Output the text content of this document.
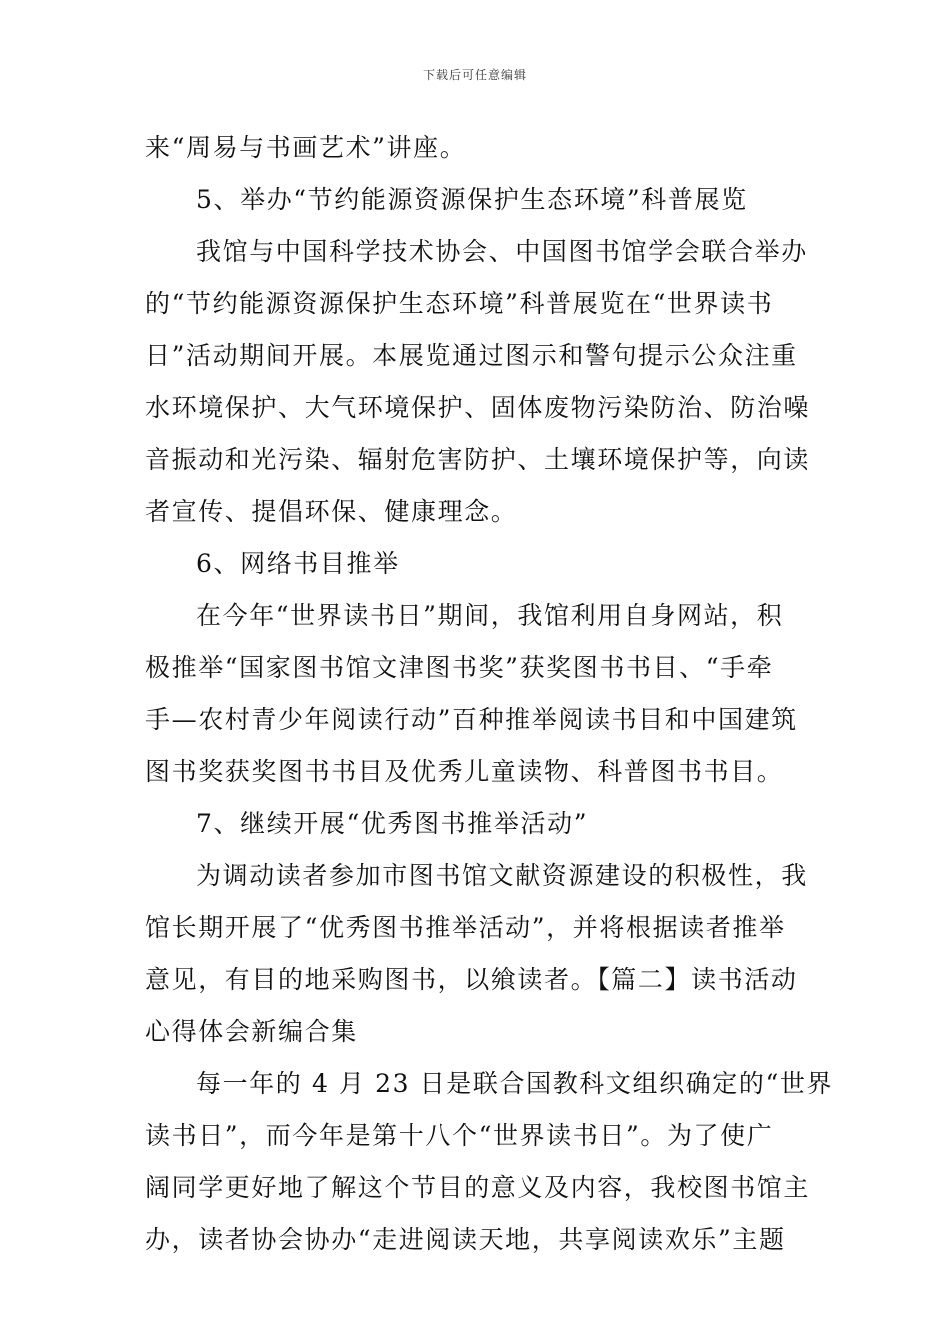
下载后可任意编辑
来“周易与书画艺术”讲座。
5、举办“节约能源资源保护生态环境”科普展览
我馆与中国科学技术协会、中国图书馆学会联合举办
的“节约能源资源保护生态环境”科普展览在“世界读书
日”活动期间开展。本展览通过图示和警句提示公众注重
水环境保护、大气环境保护、固体废物污染防治、防治噪
音振动和光污染、辐射危害防护、土壤环境保护等，向读
者宣传、提倡环保、健康理念。
6、网络书目推举
在今年“世界读书日”期间，我馆利用自身网站，积
极推举“国家图书馆文津图书奖”获奖图书书目、“手牵
手—农村青少年阅读行动”百种推举阅读书目和中国建筑
图书奖获奖图书书目及优秀儿童读物、科普图书书目。
7、继续开展“优秀图书推举活动”
为调动读者参加市图书馆文献资源建设的积极性，我
馆长期开展了“优秀图书推举活动”，并将根据读者推举
意见，有目的地采购图书，以飨读者。【篇二】读书活动
心得体会新编合集
每一年的 4 月 23 日是联合国教科文组织确定的“世界
读书日”，而今年是第十八个“世界读书日”。为了使广
阔同学更好地了解这个节目的意义及内容，我校图书馆主
办，读者协会协办“走进阅读天地，共享阅读欢乐”主题
